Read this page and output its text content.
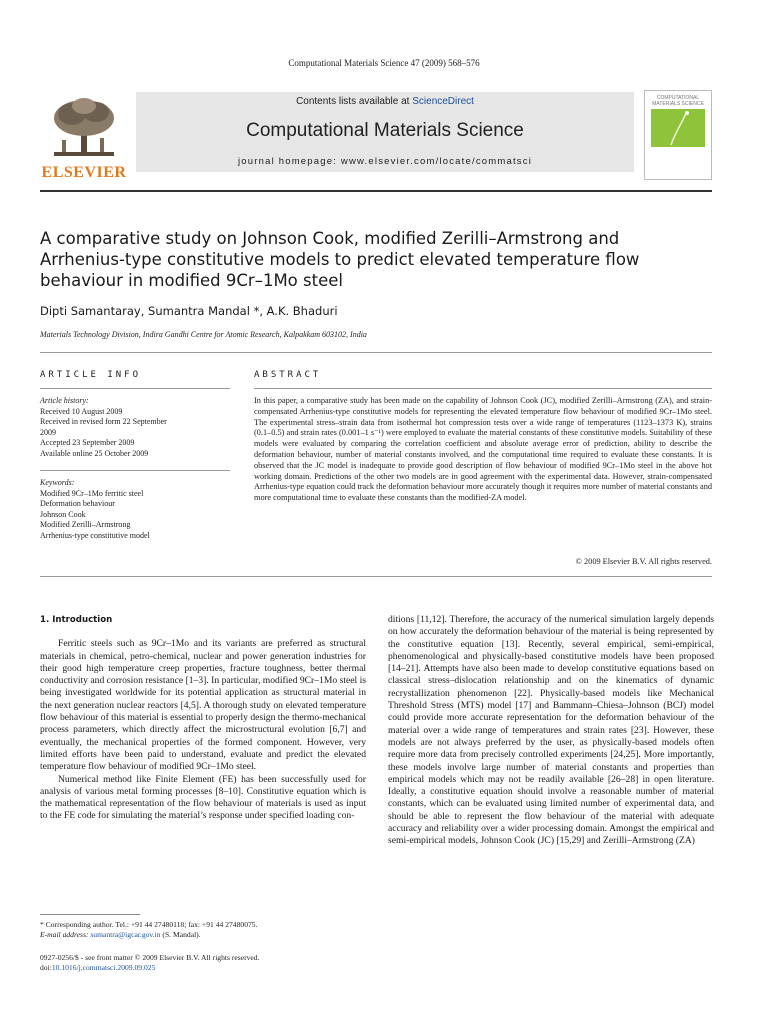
Computational Materials Science 47 (2009) 568–576
ELSEVIER
Contents lists available at ScienceDirect
Computational Materials Science
journal homepage: www.elsevier.com/locate/commatsci
COMPUTATIONAL MATERIALS SCIENCE
A comparative study on Johnson Cook, modified Zerilli–Armstrong and
Arrhenius-type constitutive models to predict elevated temperature flow
behaviour in modified 9Cr–1Mo steel
Dipti Samantaray, Sumantra Mandal *, A.K. Bhaduri
Materials Technology Division, Indira Gandhi Centre for Atomic Research, Kalpakkam 603102, India
ARTICLE INFO
Article history:
Received 10 August 2009
Received in revised form 22 September
2009
Accepted 23 September 2009
Available online 25 October 2009
Keywords:
Modified 9Cr–1Mo ferritic steel
Deformation behaviour
Johnson Cook
Modified Zerilli–Armstrong
Arrhenius-type constitutive model
ABSTRACT
In this paper, a comparative study has been made on the capability of Johnson Cook (JC), modified Zerilli–Armstrong (ZA), and strain-compensated Arrhenius-type constitutive models for representing the elevated temperature flow behaviour of modified 9Cr–1Mo steel. The experimental stress–strain data from isothermal hot compression tests over a wide range of temperatures (1123–1373 K), strains (0.1–0.5) and strain rates (0.001–1 s⁻¹) were employed to evaluate the material constants of these constitutive models. Suitability of these models were evaluated by comparing the correlation coefficient and absolute average error of prediction, ability to describe the deformation behaviour, number of material constants involved, and the computational time required to evaluate these constants. It is observed that the JC model is inadequate to provide good description of flow behaviour of modified 9Cr–1Mo steel in the above hot working domain. Predictions of the other two models are in good agreement with the experimental data. However, strain-compensated Arrhenius-type equation could track the deformation behaviour more accurately though it requires more number of material constants and more computational time to evaluate these constants than the modified-ZA model.
© 2009 Elsevier B.V. All rights reserved.
1. Introduction

Ferritic steels such as 9Cr–1Mo and its variants are preferred as structural materials in chemical, petro-chemical, nuclear and power generation industries for their good high temperature creep properties, fracture toughness, better thermal conductivity and corrosion resistance [1–3]. In particular, modified 9Cr–1Mo steel is being investigated worldwide for its potential application as structural material in the next generation nuclear reactors [4,5]. A thorough study on elevated temperature flow behaviour of this material is essential to properly design the thermo-mechanical process parameters, which directly affect the microstructural evolution [6,7] and eventually, the mechanical properties of the formed component. However, very limited efforts have been paid to understand, evaluate and predict the elevated temperature flow behaviour of modified 9Cr–1Mo steel.

Numerical method like Finite Element (FE) has been successfully used for analysis of various metal forming processes [8–10]. Constitutive equation which is the mathematical representation of the flow behaviour of materials is used as input to the FE code for simulating the material’s response under specified loading con-

ditions [11,12]. Therefore, the accuracy of the numerical simulation largely depends on how accurately the deformation behaviour of the material is being represented by the constitutive equation [13]. Recently, several empirical, semi-empirical, phenomenological and physically-based constitutive models have been proposed [14–21]. Attempts have also been made to develop constitutive equations based on classical stress–dislocation relationship and on the kinematics of dynamic recrystallization phenomenon [22]. Physically-based models like Mechanical Threshold Stress (MTS) model [17] and Bammann–Chiesa–Johnson (BCJ) model could provide more accurate representation for the deformation behaviour of the material over a wide range of temperatures and strain rates [23]. However, these models are not always preferred by the user, as physically-based models often require more data from precisely controlled experiments [24,25]. More importantly, these models involve large number of material constants and properties than empirical models which may not be readily available [26–28] in open literature. Ideally, a constitutive equation should involve a reasonable number of material constants, which can be evaluated using limited number of experimental data, and should be able to represent the flow behaviour of the material with adequate accuracy and reliability over a wider processing domain. Amongst the empirical and semi-empirical models, Johnson Cook (JC) [15,29] and Zerilli–Armstrong (ZA)

* Corresponding author. Tel.: +91 44 27480118; fax: +91 44 27480075.
E-mail address: sumantra@igcar.gov.in (S. Mandal).
0927-0256/$ - see front matter © 2009 Elsevier B.V. All rights reserved.
doi:10.1016/j.commatsci.2009.09.025
